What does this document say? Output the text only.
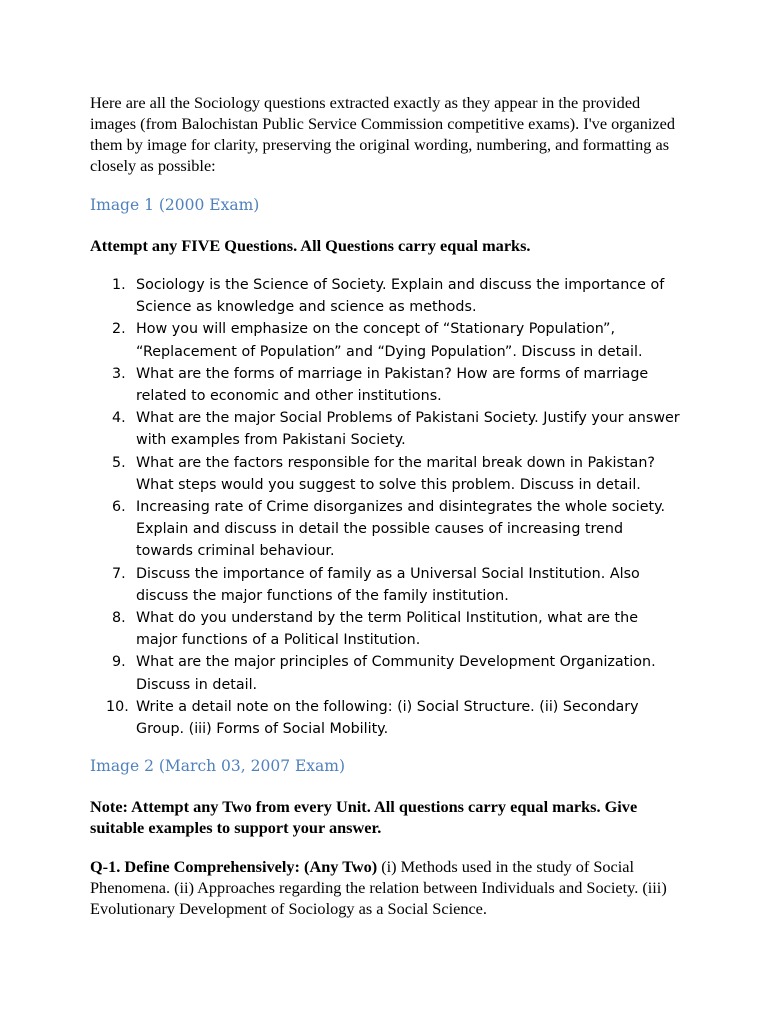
Here are all the Sociology questions extracted exactly as they appear in the provided images (from Balochistan Public Service Commission competitive exams). I've organized them by image for clarity, preserving the original wording, numbering, and formatting as closely as possible:

Image 1 (2000 Exam)

Attempt any FIVE Questions. All Questions carry equal marks.

1. Sociology is the Science of Society. Explain and discuss the importance of Science as knowledge and science as methods.
2. How you will emphasize on the concept of “Stationary Population”, “Replacement of Population” and “Dying Population”. Discuss in detail.
3. What are the forms of marriage in Pakistan? How are forms of marriage related to economic and other institutions.
4. What are the major Social Problems of Pakistani Society. Justify your answer with examples from Pakistani Society.
5. What are the factors responsible for the marital break down in Pakistan? What steps would you suggest to solve this problem. Discuss in detail.
6. Increasing rate of Crime disorganizes and disintegrates the whole society. Explain and discuss in detail the possible causes of increasing trend towards criminal behaviour.
7. Discuss the importance of family as a Universal Social Institution. Also discuss the major functions of the family institution.
8. What do you understand by the term Political Institution, what are the major functions of a Political Institution.
9. What are the major principles of Community Development Organization. Discuss in detail.
10. Write a detail note on the following: (i) Social Structure. (ii) Secondary Group. (iii) Forms of Social Mobility.

Image 2 (March 03, 2007 Exam)

Note: Attempt any Two from every Unit. All questions carry equal marks. Give suitable examples to support your answer.

Q-1. Define Comprehensively: (Any Two) (i) Methods used in the study of Social Phenomena. (ii) Approaches regarding the relation between Individuals and Society. (iii) Evolutionary Development of Sociology as a Social Science.
